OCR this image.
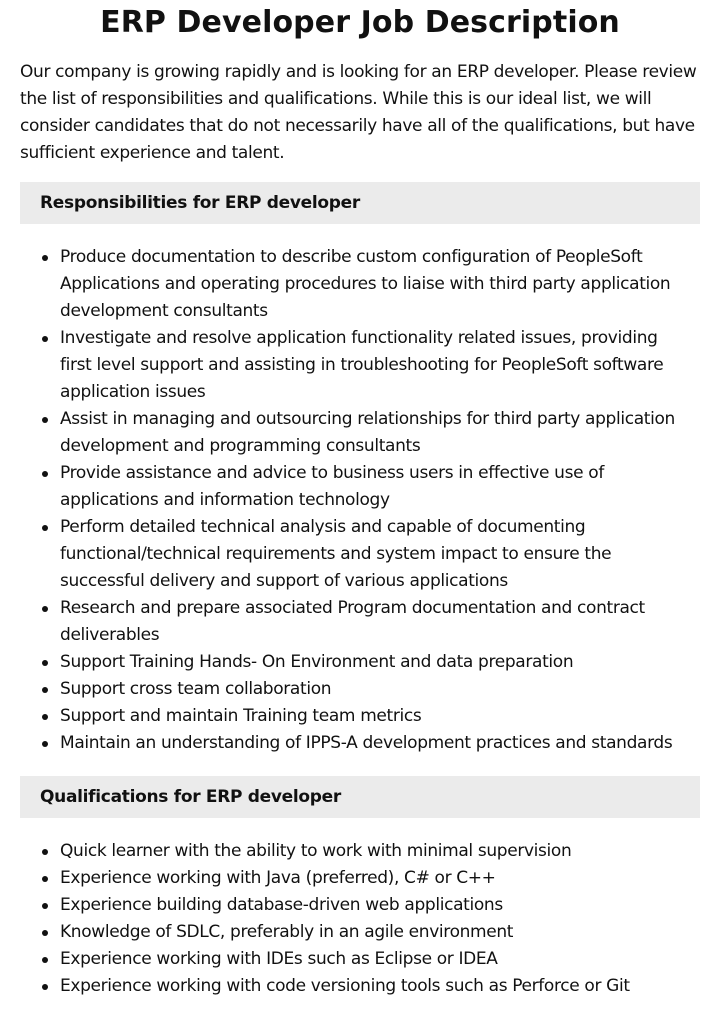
ERP Developer Job Description

Our company is growing rapidly and is looking for an ERP developer. Please review the list of responsibilities and qualifications. While this is our ideal list, we will consider candidates that do not necessarily have all of the qualifications, but have sufficient experience and talent.

Responsibilities for ERP developer
Produce documentation to describe custom configuration of PeopleSoft Applications and operating procedures to liaise with third party application development consultants
Investigate and resolve application functionality related issues, providing first level support and assisting in troubleshooting for PeopleSoft software application issues
Assist in managing and outsourcing relationships for third party application development and programming consultants
Provide assistance and advice to business users in effective use of applications and information technology
Perform detailed technical analysis and capable of documenting functional/technical requirements and system impact to ensure the successful delivery and support of various applications
Research and prepare associated Program documentation and contract deliverables
Support Training Hands- On Environment and data preparation
Support cross team collaboration
Support and maintain Training team metrics
Maintain an understanding of IPPS-A development practices and standards
Qualifications for ERP developer
Quick learner with the ability to work with minimal supervision
Experience working with Java (preferred), C# or C++
Experience building database-driven web applications
Knowledge of SDLC, preferably in an agile environment
Experience working with IDEs such as Eclipse or IDEA
Experience working with code versioning tools such as Perforce or Git
